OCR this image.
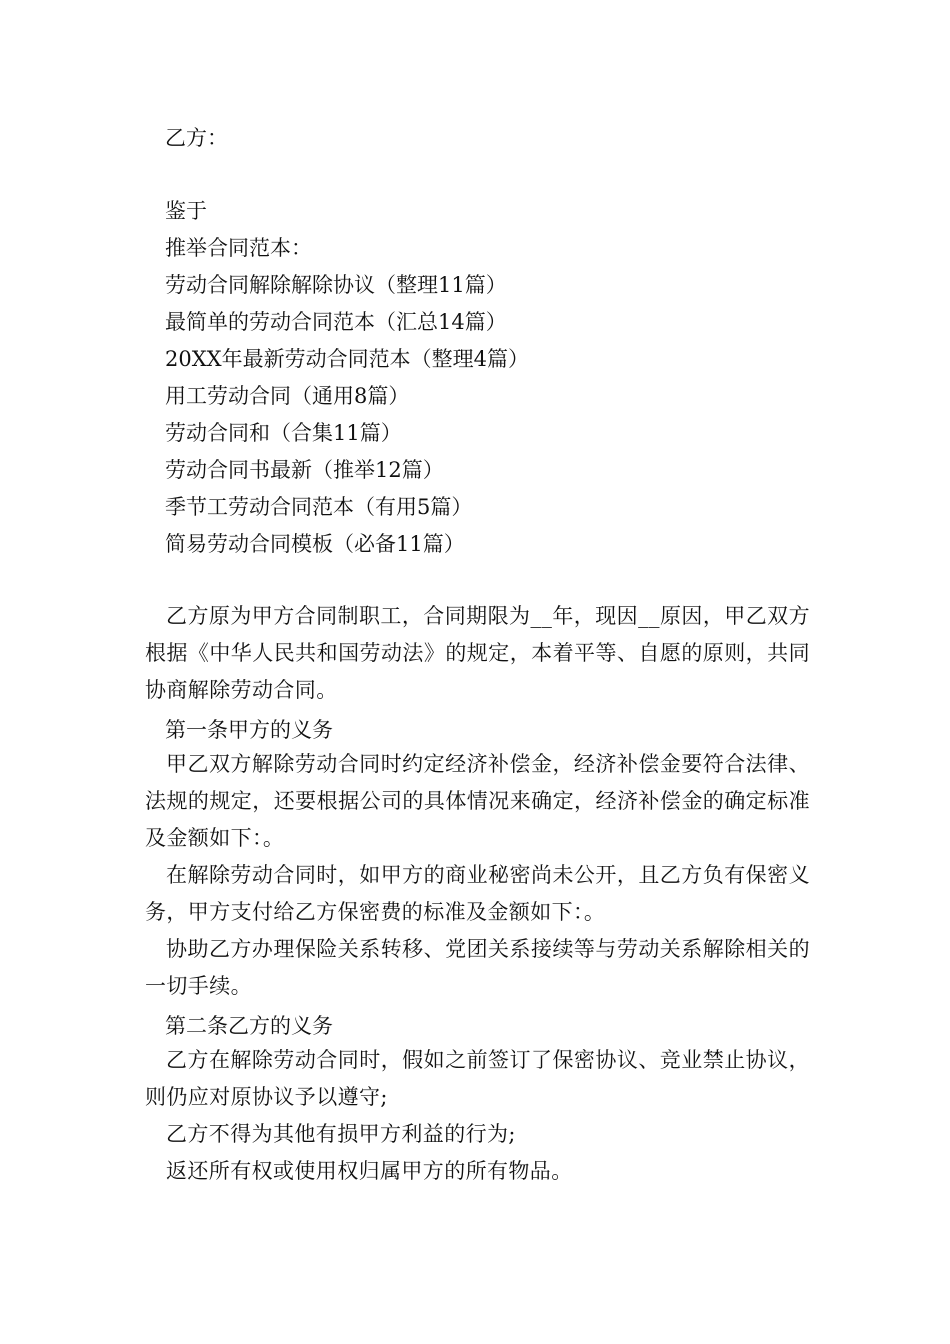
乙方：
鉴于
推举合同范本：
劳动合同解除解除协议（整理11篇）
最简单的劳动合同范本（汇总14篇）
20XX年最新劳动合同范本（整理4篇）
用工劳动合同（通用8篇）
劳动合同和（合集11篇）
劳动合同书最新（推举12篇）
季节工劳动合同范本（有用5篇）
简易劳动合同模板（必备11篇）
乙方原为甲方合同制职工，合同期限为__年，现因__原因，甲乙双方根据《中华人民共和国劳动法》的规定，本着平等、自愿的原则，共同协商解除劳动合同。
第一条甲方的义务
甲乙双方解除劳动合同时约定经济补偿金，经济补偿金要符合法律、法规的规定，还要根据公司的具体情况来确定，经济补偿金的确定标准及金额如下：。
在解除劳动合同时，如甲方的商业秘密尚未公开，且乙方负有保密义务，甲方支付给乙方保密费的标准及金额如下：。
协助乙方办理保险关系转移、党团关系接续等与劳动关系解除相关的一切手续。
第二条乙方的义务
乙方在解除劳动合同时，假如之前签订了保密协议、竞业禁止协议，则仍应对原协议予以遵守;
乙方不得为其他有损甲方利益的行为;
返还所有权或使用权归属甲方的所有物品。
